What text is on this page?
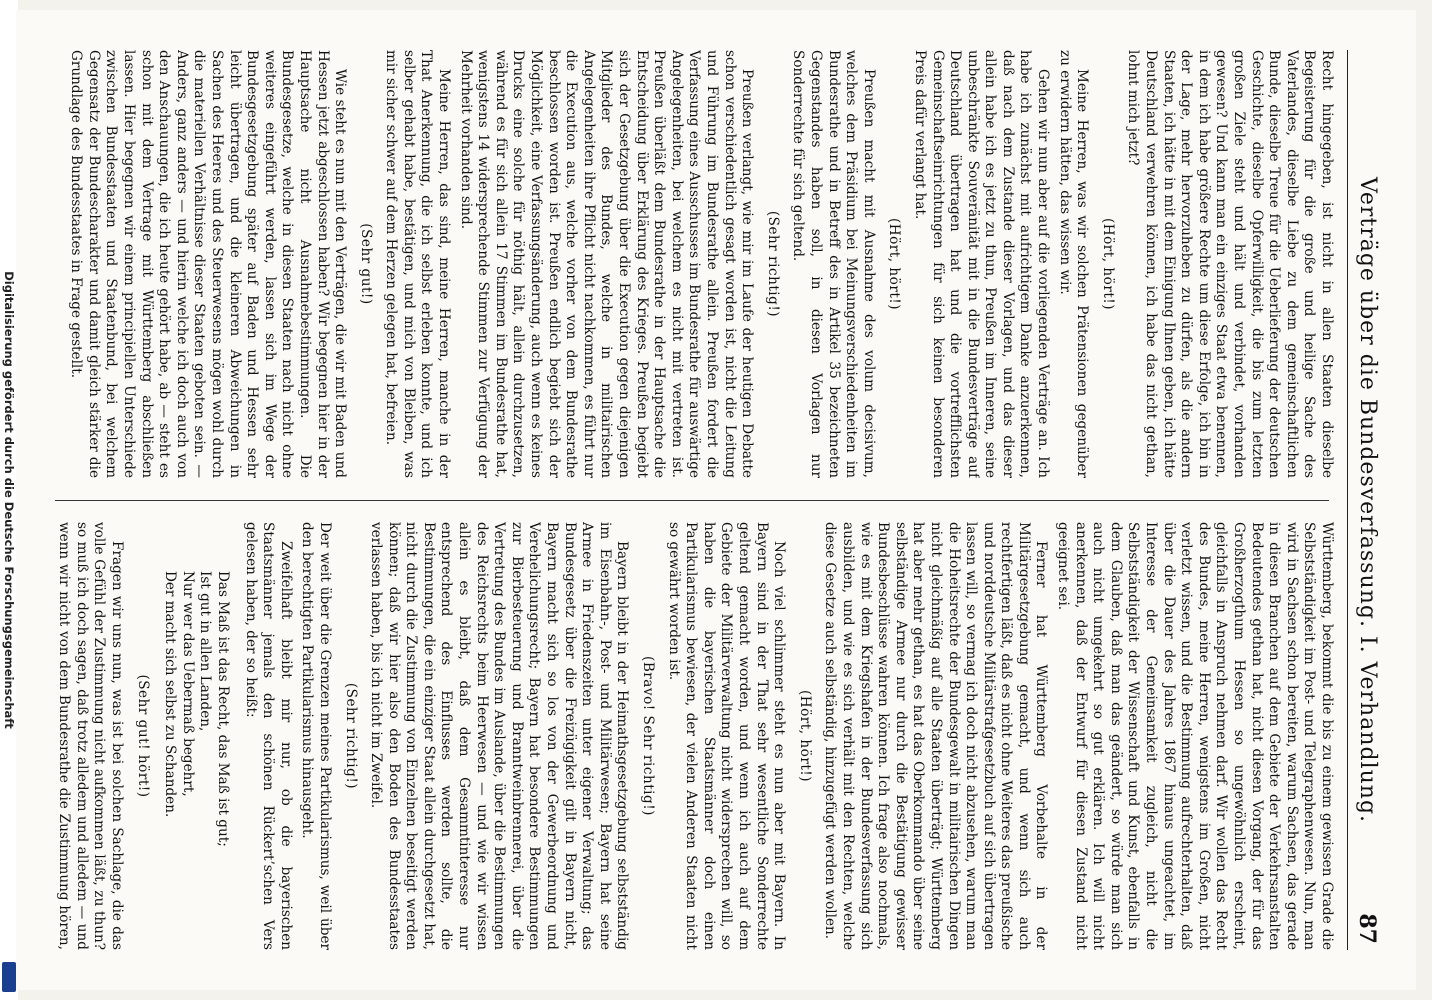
Digitalisierung gefördert durch die Deutsche Forschungsgemeinschaft	Verträge über die Bundesverfassung. I. Verhandlung.
87

Recht hingegeben, ist nicht in allen Staaten dieselbe Begeisterung für die große und heilige Sache des Vaterlandes, dieselbe Liebe zu dem gemeinschaftlichen Bunde, dieselbe Treue für die Ueberlieferung der deutschen Geschichte, dieselbe Opferwilligkeit, die bis zum letzten großen Ziele steht und hält und verbindet, vorhanden gewesen? Und kann man ein einziges Staat etwa benennen, in dem ich habe größere Rechte um diese Erfolge, ich bin in der Lage, mehr hervorzuheben zu dürfen, als die andern Staaten, ich hätte in mit dem Einigung Ihnen geben, ich hätte Deutschland verwehren können, ich habe das nicht gethan, lohnt mich jetzt?

(Hört, hört!)

Meine Herren, was wir solchen Prätensionen gegenüber zu erwidern hätten, das wissen wir.

Gehen wir nun aber auf die vorliegenden Verträge an. Ich habe ich zunächst mit aufrichtigem Danke anzuerkennen, daß nach dem Zustande dieser Vorlagen, und das dieser allein habe ich es jetzt zu thun, Preußen im Inneren, seine unbeschränkte Souveränität mit in die Bundesverträge auf Deutschland übertragen hat und die vortrefflichsten Gemeinschaftseinrichtungen für sich keinen besonderen Preis dafür verlangt hat.

(Hört, hört!)

Preußen macht mit Ausnahme des volum decisivum, welches dem Präsidium bei Meinungsverschiedenheiten im Bundesrathe und in Betreff des in Artikel 35 bezeichneten Gegenstandes haben soll, in diesen Vorlagen nur Sonderrechte für sich geltend.

(Sehr richtig!)

Preußen verlangt, wie mir im Laufe der heutigen Debatte schon verschiedentlich gesagt worden ist, nicht die Leitung und Führung im Bundesrathe allein. Preußen fordert die Verfassung eines Ausschusses im Bundesrathe für auswärtige Angelegenheiten, bei welchem es nicht mit vertreten ist. Preußen überläßt dem Bundesrathe in der Hauptsache die Entscheidung über Erklärung des Krieges. Preußen begiebt sich der Gesetzgebung über die Execution gegen diejenigen Mitglieder des Bundes, welche in militairischen Angelegenheiten ihre Pflicht nicht nachkommen, es führt nur die Execution aus, welche vorher von dem Bundesrathe beschlossen worden ist. Preußen endlich begiebt sich der Möglichkeit, eine Verfassungsänderung, auch wenn es keines Drucks eine solche für nöthig hält, allein durchzusetzen, während es für sich allein 17 Stimmen im Bundesrathe hat, wenigstens 14 widersprechende Stimmen zur Verfügung der Mehrheit vorhanden sind.

Meine Herren, das sind, meine Herren, manche in der That Anerkennung, die ich selbst erleben konnte, und ich selber gehabt habe, bestätigen, und mich von Bleiben, was mir sicher schwer auf dem Herzen gelegen hat, befreien.

(Sehr gut!)

Wie steht es nun mit den Verträgen, die wir mit Baden und Hessen jetzt abgeschlossen haben? Wir begegnen hier in der Hauptsache nicht Ausnahmebestimmungen. Die Bundesgesetze, welche in diesen Staaten nach nicht ohne weiteres eingeführt werden, lassen sich im Wege der Bundesgesetzgebung später auf Baden und Hessen sehr leicht übertragen, und die kleineren Abweichungen in Sachen des Heeres und des Steuerwesens mögen wohl durch die materiellen Verhältnisse dieser Staaten geboten sein. — Anders, ganz anders — und hierin welche ich doch auch von den Anschauungen, die ich heute gehört habe, ab — steht es schon mit dem Vertrage mit Württemberg abschließen lassen. Hier begegnen wir einem principiellen Unterschiede zwischen Bundesstaaten und Staatenbund, bei welchem Gegensatz der Bundescharakter und damit gleich stärker die Grundlage des Bundesstaates in Frage gestellt.

Württemberg, bekommt die bis zu einem gewissen Grade die Selbstständigkeit im Post- und Telegraphenwesen. Nun, man wird in Sachsen schon bereiten, warum Sachsen, das gerade in diesen Branchen auf dem Gebiete der Verkehrsanstalten Bedeutendes gethan hat, nicht diesen Vorgang, der für das Großherzogthum Hessen so ungewöhnlich erscheint, gleichfalls in Anspruch nehmen darf. Wir wollen das Recht des Bundes, meine Herren, wenigstens im Großen, nicht verletzt wissen, und die Bestimmung aufrechterhalten, daß über die Dauer des Jahres 1867 hinaus ungeachtet, im Interesse der Gemeinsamkeit zugleich, nicht die Selbstständigkeit der Wissenschaft und Kunst, ebenfalls in dem Glauben, daß man das geändert, so würde man sich auch nicht umgekehrt so gut erklären. Ich will nicht anerkennen, daß der Entwurf für diesen Zustand nicht geeignet sei.

Ferner hat Württemberg Vorbehalte in der Militärgesetzgebung gemacht, und wenn sich auch rechtfertigen läßt, daß es nicht ohne Weiteres das preußische und norddeutsche Militärstrafgesetzbuch auf sich übertragen lassen will, so vermag ich doch nicht abzusehen, warum man die Hoheitsrechte der Bundesgewalt in militairischen Dingen nicht gleichmäßig auf alle Staaten überträgt; Württemberg hat aber mehr gethan, es hat das Oberkommando über seine selbständige Armee nur durch die Bestätigung gewisser Bundesbeschlüsse wahren können. Ich frage also nochmals, wie es mit dem Kriegshafen in der Bundesverfassung sich ausbilden, und wie es sich verhält mit den Rechten, welche diese Gesetze auch selbständig, hinzugefügt werden wollen.

(Hört, hört!)

Noch viel schlimmer steht es nun aber mit Bayern. In Bayern sind in der That sehr wesentliche Sonderrechte geltend gemacht worden, und wenn ich auch auf dem Gebiete der Militärverwaltung nicht widersprechen will, so haben die bayerischen Staatsmänner doch einen Partikularismus bewiesen, der vielen Anderen Staaten nicht so gewährt worden ist.

(Bravo! Sehr richtig!)

Bayern bleibt in der Heimathsgesetzgebung selbstständig im Eisenbahn-, Post- und Militärwesen; Bayern hat seine Armee in Friedenszeiten unter eigener Verwaltung; das Bundesgesetz über die Freizügigkeit gilt in Bayern nicht, Bayern macht sich so los von der Gewerbeordnung und Verehelichungsrecht; Bayern hat besondere Bestimmungen zur Bierbesteuerung und Branntweinbrennerei, über die Vertretung des Bundes im Auslande, über die Bestimmungen des Reichsrechts beim Heerwesen — und wie wir wissen allein es bleibt, daß dem Gesammtinteresse nur entsprechend des Einflusses werden sollte, die Bestimmungen, die ein einziger Staat allein durchgesetzt hat, nicht durch die Zustimmung von Einzelnen beseitigt werden können; daß wir hier also den Boden des Bundesstaates verlassen haben, bis ich nicht im Zweifel.

(Sehr richtig!)

Der weit über die Grenzen meines Partikularismus, weil über den berechtigten Partikularismus hinausgeht.

Zweifelhaft bleibt mir nur, ob die bayerischen Staatsmänner jemals den schönen Rückert’schen Vers gelesen haben, der so heißt:

Das Maß ist das Recht, das Maß ist gut;

Ist gut in allen Landen,

Nur wer das Uebermaß begehrt,

Der macht sich selbst zu Schanden.

(Sehr gut! hört!)

Fragen wir uns nun, was ist bei solchen Sachlage, die das volle Gefühl der Zustimmung nicht aufkommen läßt, zu thun? so muß ich doch sagen, daß trotz alledem und alledem — und wenn wir nicht von dem Bundesrathe die Zustimmung hören,
